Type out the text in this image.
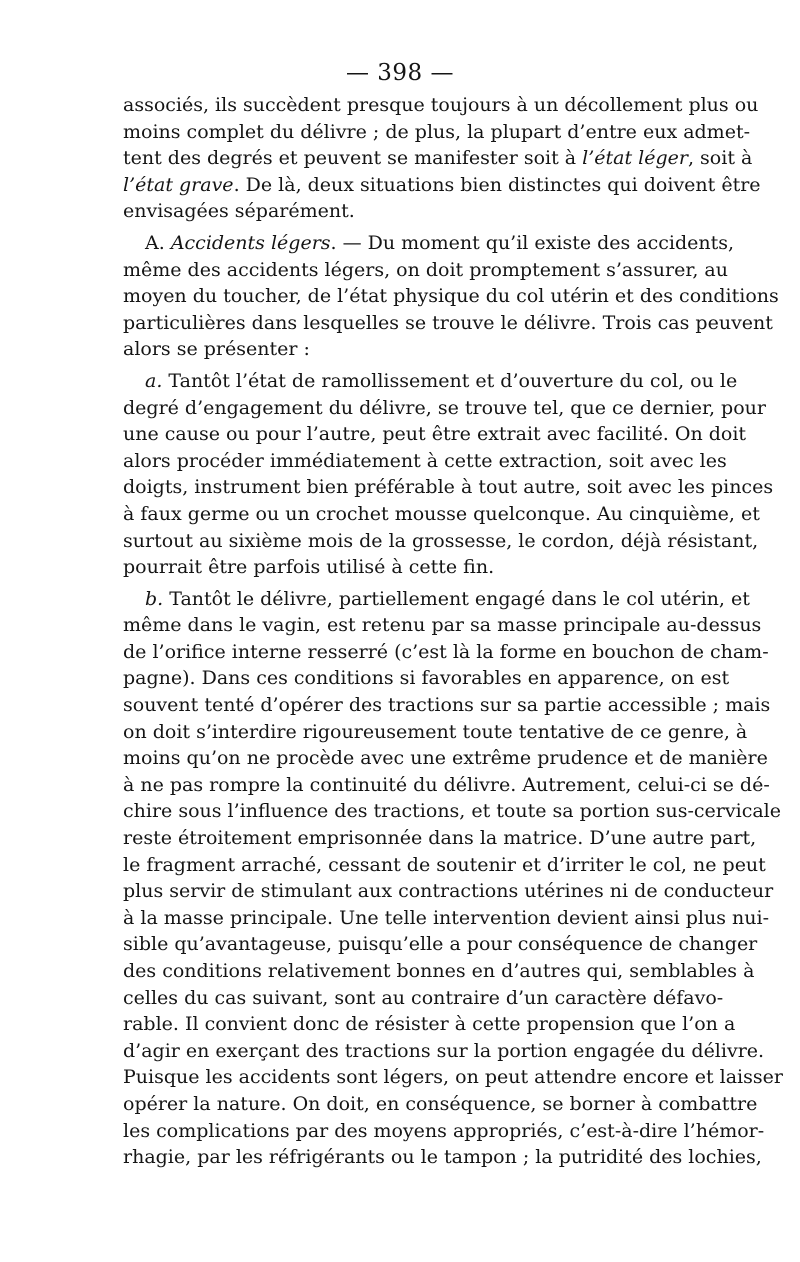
— 398 —
associés, ils succèdent presque toujours à un décollement plus ou
moins complet du délivre ; de plus, la plupart d’entre eux admet-
tent des degrés et peuvent se manifester soit à l’état léger, soit à
l’état grave. De là, deux situations bien distinctes qui doivent être
envisagées séparément.
A. Accidents légers. — Du moment qu’il existe des accidents,
même des accidents légers, on doit promptement s’assurer, au
moyen du toucher, de l’état physique du col utérin et des conditions
particulières dans lesquelles se trouve le délivre. Trois cas peuvent
alors se présenter :
a. Tantôt l’état de ramollissement et d’ouverture du col, ou le
degré d’engagement du délivre, se trouve tel, que ce dernier, pour
une cause ou pour l’autre, peut être extrait avec facilité. On doit
alors procéder immédiatement à cette extraction, soit avec les
doigts, instrument bien préférable à tout autre, soit avec les pinces
à faux germe ou un crochet mousse quelconque. Au cinquième, et
surtout au sixième mois de la grossesse, le cordon, déjà résistant,
pourrait être parfois utilisé à cette fin.
b. Tantôt le délivre, partiellement engagé dans le col utérin, et
même dans le vagin, est retenu par sa masse principale au-dessus
de l’orifice interne resserré (c’est là la forme en bouchon de cham-
pagne). Dans ces conditions si favorables en apparence, on est
souvent tenté d’opérer des tractions sur sa partie accessible ; mais
on doit s’interdire rigoureusement toute tentative de ce genre, à
moins qu’on ne procède avec une extrême prudence et de manière
à ne pas rompre la continuité du délivre. Autrement, celui-ci se dé-
chire sous l’influence des tractions, et toute sa portion sus-cervicale
reste étroitement emprisonnée dans la matrice. D’une autre part,
le fragment arraché, cessant de soutenir et d’irriter le col, ne peut
plus servir de stimulant aux contractions utérines ni de conducteur
à la masse principale. Une telle intervention devient ainsi plus nui-
sible qu’avantageuse, puisqu’elle a pour conséquence de changer
des conditions relativement bonnes en d’autres qui, semblables à
celles du cas suivant, sont au contraire d’un caractère défavo-
rable. Il convient donc de résister à cette propension que l’on a
d’agir en exerçant des tractions sur la portion engagée du délivre.
Puisque les accidents sont légers, on peut attendre encore et laisser
opérer la nature. On doit, en conséquence, se borner à combattre
les complications par des moyens appropriés, c’est-à-dire l’hémor-
rhagie, par les réfrigérants ou le tampon ; la putridité des lochies,
